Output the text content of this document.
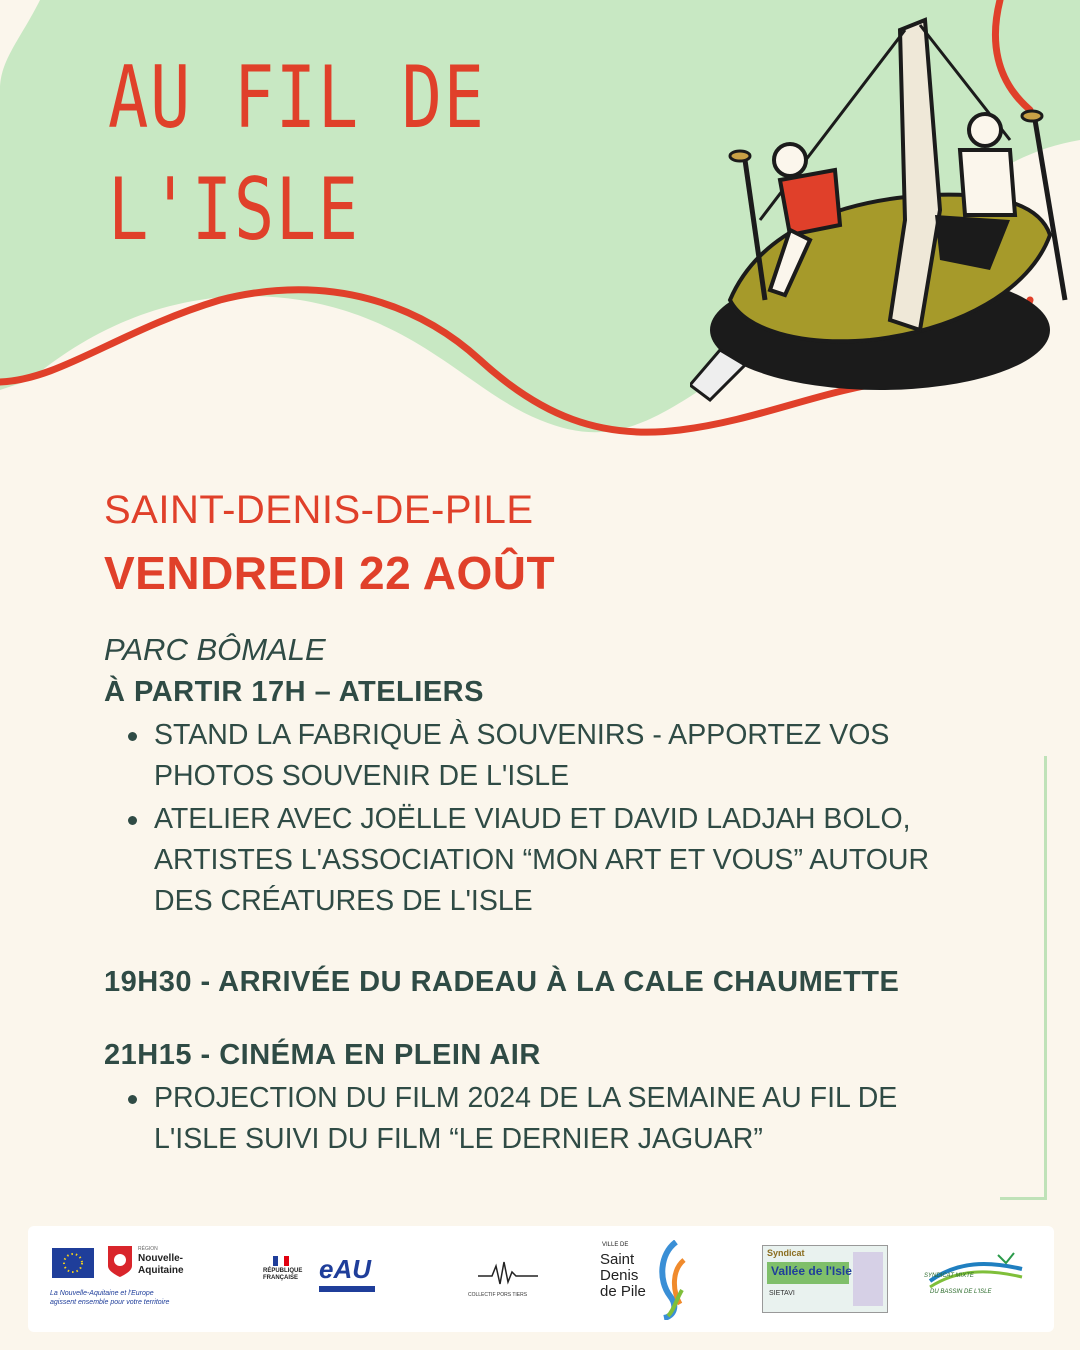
AU FIL DE
L'ISLE
SAINT-DENIS-DE-PILE
VENDREDI 22 AOÛT
PARC BÔMALE
À PARTIR 17H – ATELIERS
STAND LA FABRIQUE À SOUVENIRS - APPORTEZ VOS
PHOTOS SOUVENIR DE L'ISLE
ATELIER AVEC JOËLLE VIAUD ET DAVID LADJAH BOLO,
ARTISTES L'ASSOCIATION “MON ART ET VOUS” AUTOUR
DES CRÉATURES DE L'ISLE
19H30 - ARRIVÉE DU RADEAU À LA CALE CHAUMETTE
21H15 - CINÉMA EN PLEIN AIR
PROJECTION DU FILM 2024 DE LA SEMAINE AU FIL DE
L'ISLE SUIVI DU FILM “LE DERNIER JAGUAR”
RÉGION
Nouvelle-
Aquitaine
La Nouvelle-Aquitaine et l'Europe
agissent ensemble pour votre territoire
RÉPUBLIQUE
FRANÇAISE eAU
COLLECTIF PORS TIERS
VILLE DE
Saint
Denis
de Pile
Syndicat
Vallée de l'Isle
SIETAVI
SYNDICAT MIXTE
DU BASSIN DE L'ISLE
